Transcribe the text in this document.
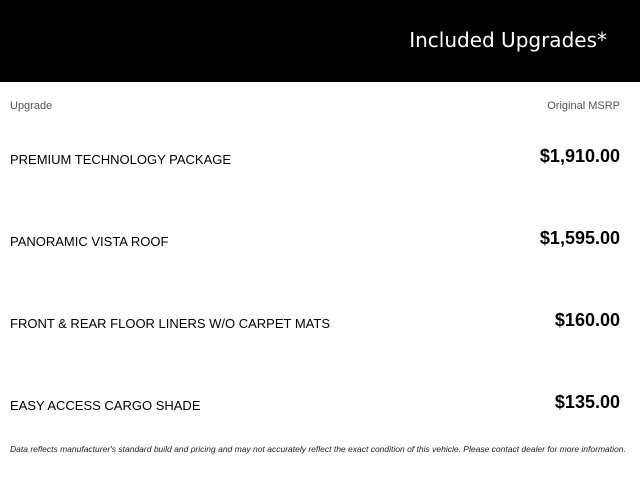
Included Upgrades*
Upgrade	Original MSRP
PREMIUM TECHNOLOGY PACKAGE	$1,910.00
PANORAMIC VISTA ROOF	$1,595.00
FRONT & REAR FLOOR LINERS W/O CARPET MATS	$160.00
EASY ACCESS CARGO SHADE	$135.00
Data reflects manufacturer's standard build and pricing and may not accurately reflect the exact condition of this vehicle. Please contact dealer for more information.
